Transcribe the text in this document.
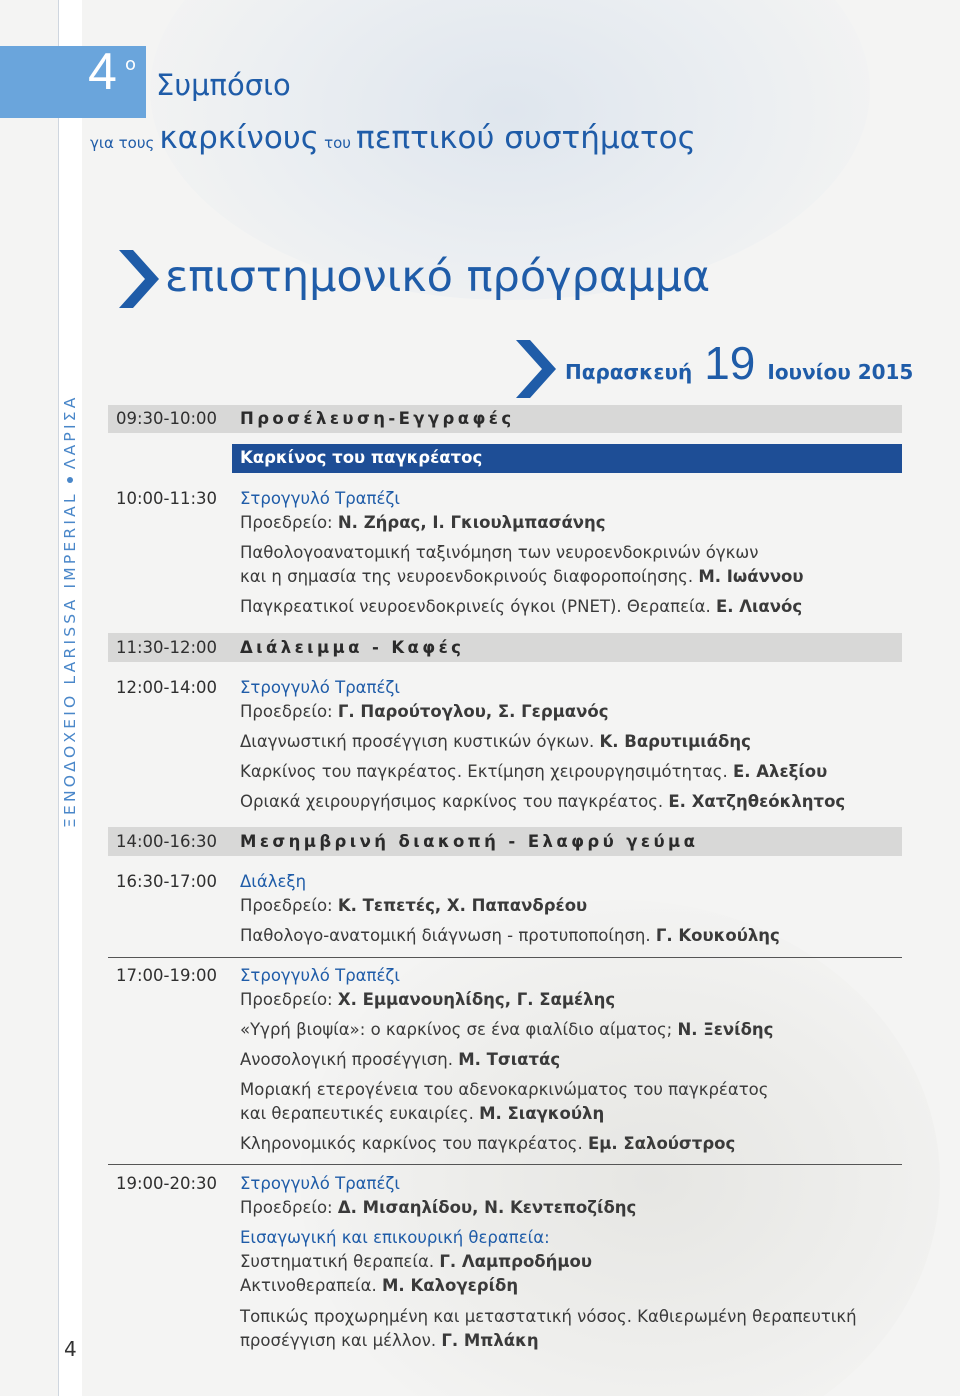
ΞΕΝΟΔΟΧΕΙΟ LARISSA IMPERIALΛΑΡΙΣΑ
4
4 ο
Συμπόσιο
για τους καρκίνους του πεπτικού συστήματος
επιστημονικό πρόγραμμα
Παρασκευή 19 Ιουνίου 2015
09:30-10:00 Προσέλευση-Εγγραφές
Καρκίνος του παγκρέατος
10:00-11:30 Στρογγυλό Τραπέζι
Προεδρείο: Ν. Ζήρας, Ι. Γκιουλμπασάνης
Παθολογοανατομική ταξινόμηση των νευροενδοκρινών όγκων
και η σημασία της νευροενδοκρινούς διαφοροποίησης. Μ. Ιωάννου
Παγκρεατικοί νευροενδοκρινείς όγκοι (PNET). Θεραπεία. Ε. Λιανός
11:30-12:00 Διάλειμμα - Καφές
12:00-14:00 Στρογγυλό Τραπέζι
Προεδρείο: Γ. Παρούτογλου, Σ. Γερμανός
Διαγνωστική προσέγγιση κυστικών όγκων. Κ. Βαρυτιμιάδης
Καρκίνος του παγκρέατος. Εκτίμηση χειρουργησιμότητας. Ε. Αλεξίου
Οριακά χειρουργήσιμος καρκίνος του παγκρέατος. Ε. Χατζηθεόκλητος
14:00-16:30 Μεσημβρινή διακοπή - Ελαφρύ γεύμα
16:30-17:00 Διάλεξη
Προεδρείο: Κ. Τεπετές, Χ. Παπανδρέου
Παθολογο-ανατομική διάγνωση - προτυποποίηση. Γ. Κουκούλης
17:00-19:00 Στρογγυλό Τραπέζι
Προεδρείο: Χ. Εμμανουηλίδης, Γ. Σαμέλης
«Υγρή βιοψία»: ο καρκίνος σε ένα φιαλίδιο αίματος; Ν. Ξενίδης
Ανοσολογική προσέγγιση. Μ. Τσιατάς
Μοριακή ετερογένεια του αδενοκαρκινώματος του παγκρέατος
και θεραπευτικές ευκαιρίες. Μ. Σιαγκούλη
Κληρονομικός καρκίνος του παγκρέατος. Εμ. Σαλούστρος
19:00-20:30 Στρογγυλό Τραπέζι
Προεδρείο: Δ. Μισαηλίδου, Ν. Κεντεποζίδης
Εισαγωγική και επικουρική θεραπεία:
Συστηματική θεραπεία. Γ. Λαμπροδήμου
Ακτινοθεραπεία. Μ. Καλογερίδη
Τοπικώς προχωρημένη και μεταστατική νόσος. Καθιερωμένη θεραπευτική
προσέγγιση και μέλλον. Γ. Μπλάκη
